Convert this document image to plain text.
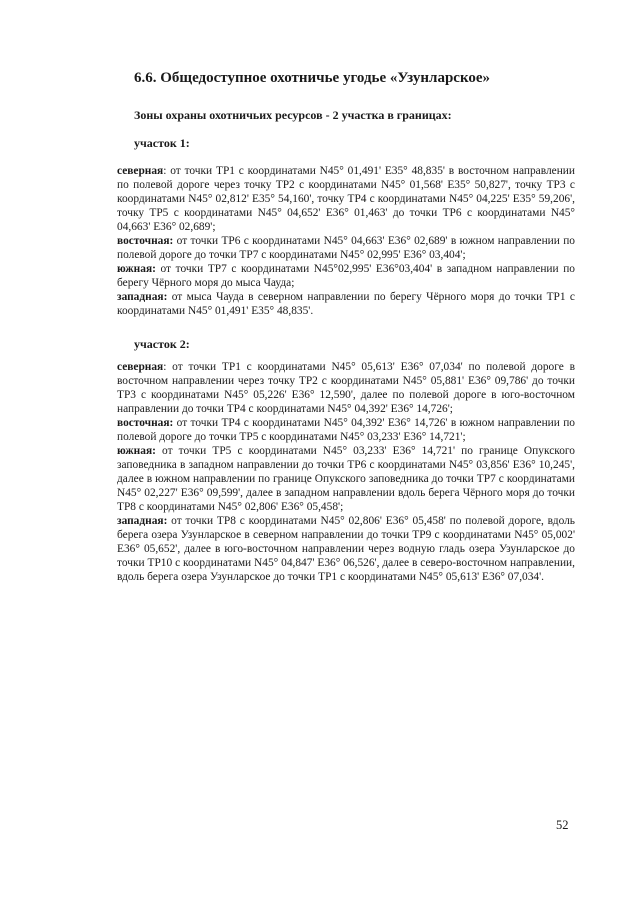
6.6. Общедоступное охотничье угодье «Узунларское»
Зоны охраны охотничьих ресурсов - 2 участка в границах:
участок 1:

северная: от точки ТР1 с координатами N45° 01,491' E35° 48,835' в восточном направлении по полевой дороге через точку ТР2 с координатами N45° 01,568' E35° 50,827', точку ТР3 с координатами N45° 02,812' E35° 54,160', точку ТР4 с координатами N45° 04,225' E35° 59,206', точку ТР5 с координатами N45° 04,652' E36° 01,463' до точки ТР6 с координатами N45° 04,663' E36° 02,689';

восточная: от точки ТР6 с координатами N45° 04,663' E36° 02,689' в южном направлении по полевой дороге до точки ТР7 с координатами N45° 02,995' E36° 03,404';

южная: от точки ТР7 с координатами N45°02,995' E36°03,404' в западном направлении по берегу Чёрного моря до мыса Чауда;

западная: от мыса Чауда в северном направлении по берегу Чёрного моря до точки ТР1 с координатами N45° 01,491' E35° 48,835'.

участок 2:

северная: от точки ТР1 с координатами N45° 05,613' E36° 07,034' по полевой дороге в восточном направлении через точку ТР2 с координатами N45° 05,881' E36° 09,786' до точки ТР3 с координатами N45° 05,226' E36° 12,590', далее по полевой дороге в юго-восточном направлении до точки ТР4 с координатами N45° 04,392' E36° 14,726';

восточная: от точки ТР4 с координатами N45° 04,392' E36° 14,726' в южном направлении по полевой дороге до точки ТР5 с координатами N45° 03,233' E36° 14,721';

южная: от точки ТР5 с координатами N45° 03,233' E36° 14,721' по границе Опукского заповедника в западном направлении до точки ТР6 с координатами N45° 03,856' E36° 10,245', далее в южном направлении по границе Опукского заповедника до точки ТР7 с координатами N45° 02,227' E36° 09,599', далее в западном направлении вдоль берега Чёрного моря до точки ТР8 с координатами N45° 02,806' E36° 05,458';

западная: от точки ТР8 с координатами N45° 02,806' E36° 05,458' по полевой дороге, вдоль берега озера Узунларское в северном направлении до точки ТР9 с координатами N45° 05,002' E36° 05,652', далее в юго-восточном направлении через водную гладь озера Узунларское до точки ТР10 с координатами N45° 04,847' E36° 06,526', далее в северо-восточном направлении, вдоль берега озера Узунларское до точки ТР1 с координатами N45° 05,613' E36° 07,034'.

52
